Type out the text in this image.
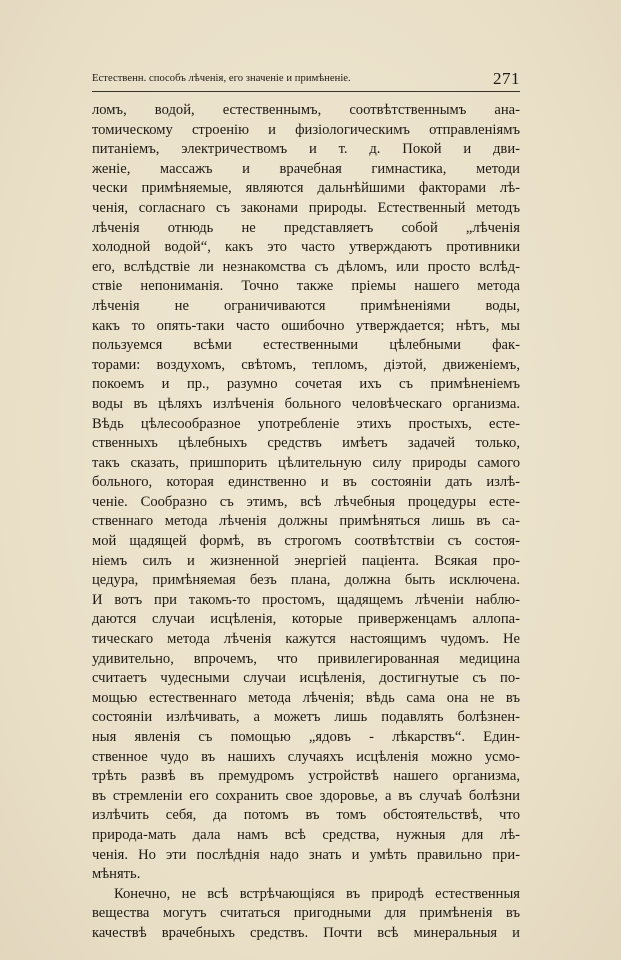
Естественн. способъ лѣченія, его значеніе и примѣненіе.	271
ломъ, водой, естественнымъ, соотвѣтственнымъ ана-
томическому строенію и физіологическимъ отправленіямъ
питаніемъ, электричествомъ и т. д. Покой и дви-
женіе, массажъ и врачебная гимнастика, методи
чески примѣняемые, являются дальнѣйшими факторами лѣ-
ченія, согласнаго съ законами природы. Естественный методъ
лѣченія отнюдь не представляетъ собой „лѣченія
холодной водой“, какъ это часто утверждаютъ противники
его, вслѣдствіе ли незнакомства съ дѣломъ, или просто вслѣд-
ствіе непониманія. Точно также пріемы нашего метода
лѣченія не ограничиваются примѣненіями воды,
какъ то опять-таки часто ошибочно утверждается; нѣтъ, мы
пользуемся всѣми естественными цѣлебными фак-
торами: воздухомъ, свѣтомъ, тепломъ, діэтой, движеніемъ,
покоемъ и пр., разумно сочетая ихъ съ примѣненіемъ
воды въ цѣляхъ излѣченія больного человѣческаго организма.
Вѣдь цѣлесообразное употребленіе этихъ простыхъ, есте-
ственныхъ цѣлебныхъ средствъ имѣетъ задачей только,
такъ сказать, пришпорить цѣлительную силу природы самого
больного, которая единственно и въ состояніи дать излѣ-
ченіе. Сообразно съ этимъ, всѣ лѣчебныя процедуры есте-
ственнаго метода лѣченія должны примѣняться лишь въ са-
мой щадящей формѣ, въ строгомъ соотвѣтствіи съ состоя-
ніемъ силъ и жизненной энергіей паціента. Всякая про-
цедура, примѣняемая безъ плана, должна быть исключена.
И вотъ при такомъ-то простомъ, щадящемъ лѣченіи наблю-
даются случаи исцѣленія, которые приверженцамъ аллопа-
тическаго метода лѣченія кажутся настоящимъ чудомъ. Не
удивительно, впрочемъ, что привилегированная медицина
считаетъ чудесными случаи исцѣленія, достигнутые съ по-
мощью естественнаго метода лѣченія; вѣдь сама она не въ
состояніи излѣчивать, а можетъ лишь подавлять болѣзнен-
ныя явленія съ помощью „ядовъ - лѣкарствъ“. Един-
ственное чудо въ нашихъ случаяхъ исцѣленія можно усмо-
трѣть развѣ въ премудромъ устройствѣ нашего организма,
въ стремленіи его сохранить свое здоровье, а въ случаѣ болѣзни
излѣчить себя, да потомъ въ томъ обстоятельствѣ, что
природа-мать дала намъ всѣ средства, нужныя для лѣ-
ченія. Но эти послѣднія надо знать и умѣть правильно при-
мѣнять.
Конечно, не всѣ встрѣчающіяся въ природѣ естественныя
вещества могутъ считаться пригодными для примѣненія въ
качествѣ врачебныхъ средствъ. Почти всѣ минеральныя и
